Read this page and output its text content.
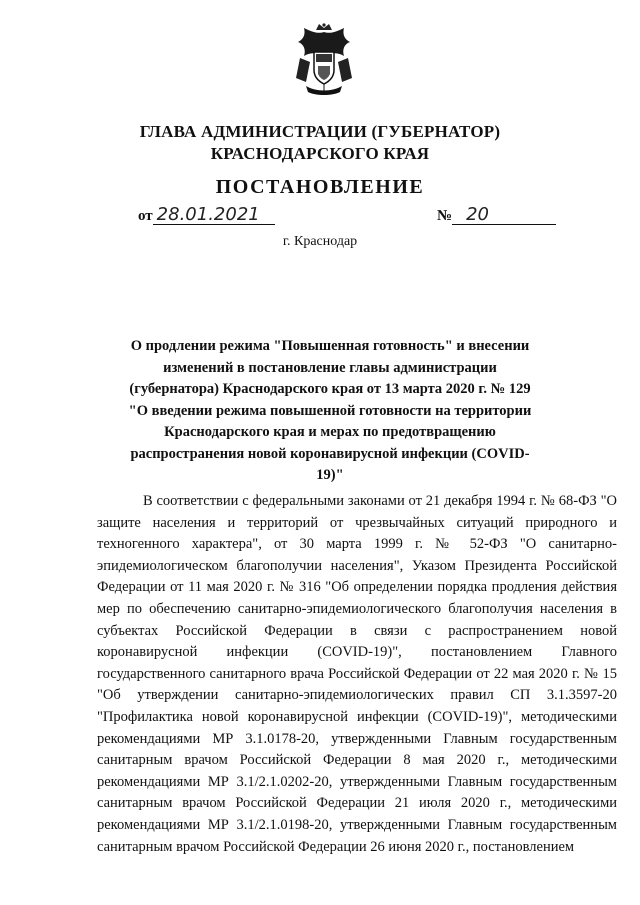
ГЛАВА АДМИНИСТРАЦИИ (ГУБЕРНАТОР)
КРАСНОДАРСКОГО КРАЯ
ПОСТАНОВЛЕНИЕ
от 28.01.2021	№ 20
г. Краснодар
О продлении режима "Повышенная готовность" и внесении изменений в постановление главы администрации (губернатора) Краснодарского края от 13 марта 2020 г. № 129 "О введении режима повышенной готовности на территории Краснодарского края и мерах по предотвращению распространения новой коронавирусной инфекции (COVID-19)"
В соответствии с федеральными законами от 21 декабря 1994 г. № 68-ФЗ "О защите населения и территорий от чрезвычайных ситуаций природного и техногенного характера", от 30 марта 1999 г. № 52-ФЗ "О санитарно-эпидемиологическом благополучии населения", Указом Президента Российской Федерации от 11 мая 2020 г. № 316 "Об определении порядка продления действия мер по обеспечению санитарно-эпидемиологического благополучия населения в субъектах Российской Федерации в связи с распространением новой коронавирусной инфекции (COVID-19)", постановлением Главного государственного санитарного врача Российской Федерации от 22 мая 2020 г. № 15 "Об утверждении санитарно-эпидемиологических правил СП 3.1.3597-20 "Профилактика новой коронавирусной инфекции (COVID-19)", методическими рекомендациями МР 3.1.0178-20, утвержденными Главным государственным санитарным врачом Российской Федерации 8 мая 2020 г., методическими рекомендациями МР 3.1/2.1.0202-20, утвержденными Главным государственным санитарным врачом Российской Федерации 21 июля 2020 г., методическими рекомендациями МР 3.1/2.1.0198-20, утвержденными Главным государственным санитарным врачом Российской Федерации 26 июня 2020 г., постановлением
